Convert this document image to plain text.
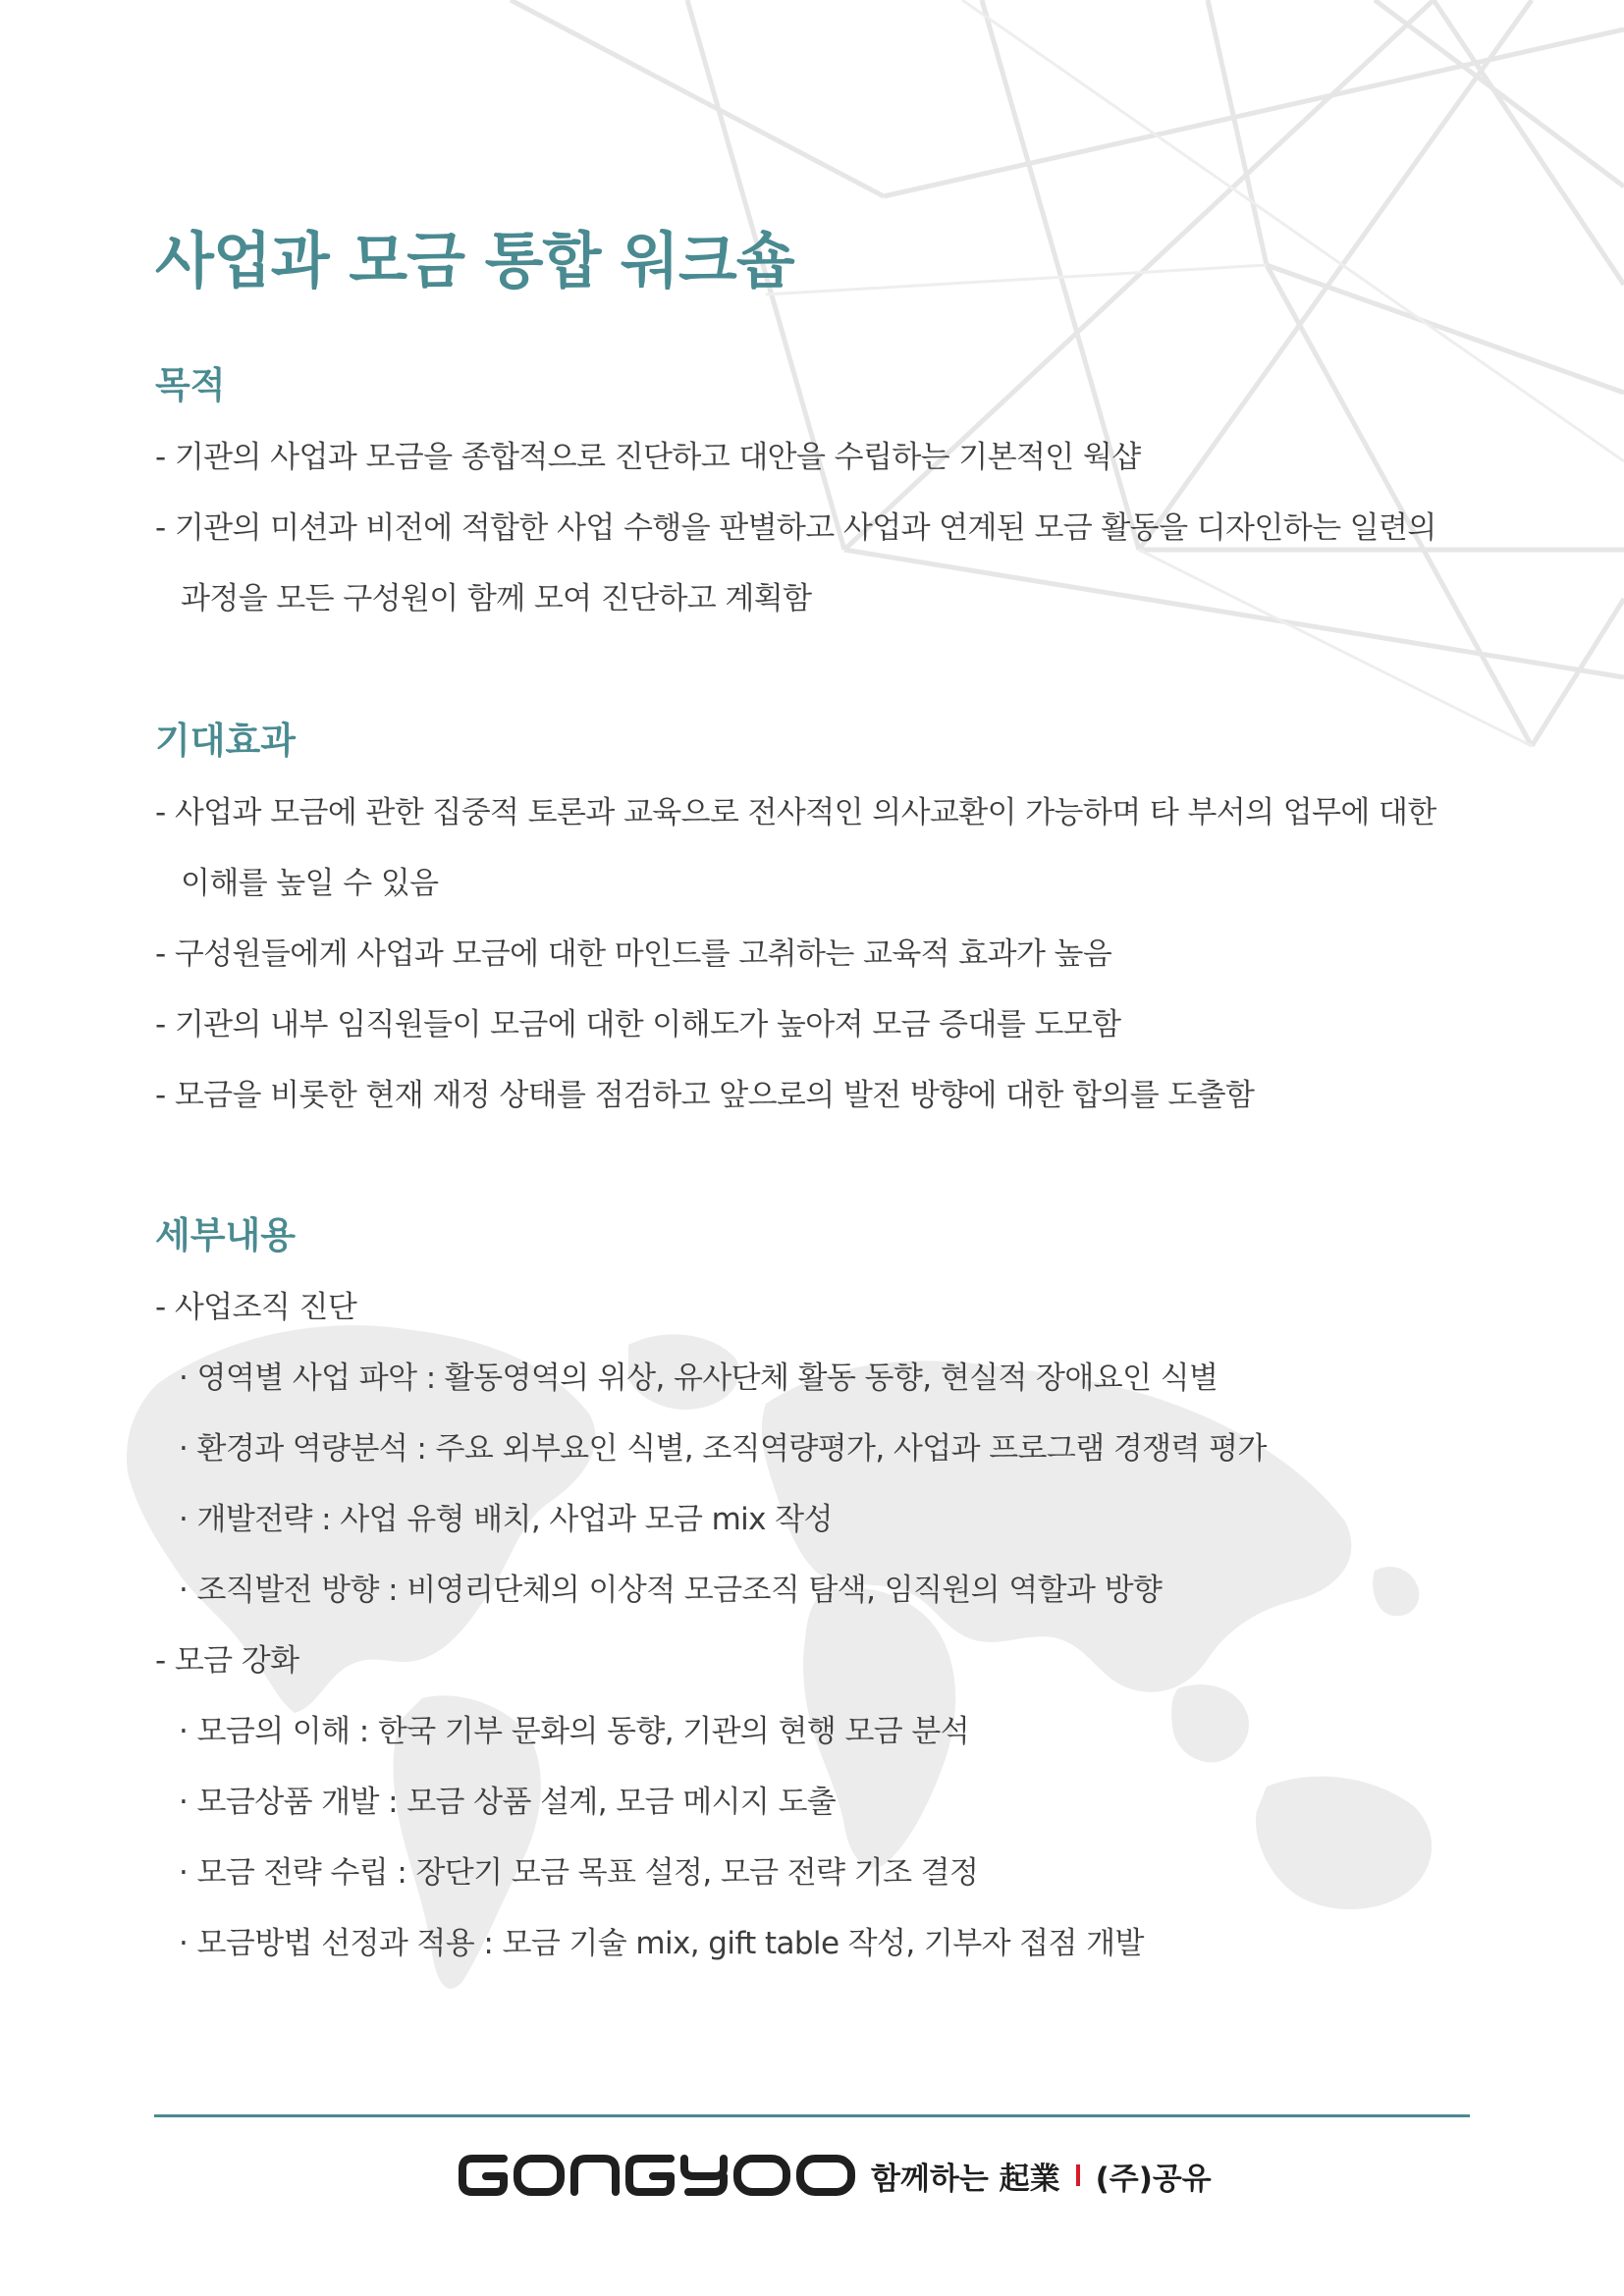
사업과 모금 통합 워크숍
목적
- 기관의 사업과 모금을 종합적으로 진단하고 대안을 수립하는 기본적인 웍샵
- 기관의 미션과 비전에 적합한 사업 수행을 판별하고 사업과 연계된 모금 활동을 디자인하는 일련의
과정을 모든 구성원이 함께 모여 진단하고 계획함
기대효과
- 사업과 모금에 관한 집중적 토론과 교육으로 전사적인 의사교환이 가능하며 타 부서의 업무에 대한
이해를 높일 수 있음
- 구성원들에게 사업과 모금에 대한 마인드를 고취하는 교육적 효과가 높음
- 기관의 내부 임직원들이 모금에 대한 이해도가 높아져 모금 증대를 도모함
- 모금을 비롯한 현재 재정 상태를 점검하고 앞으로의 발전 방향에 대한 합의를 도출함
세부내용
- 사업조직 진단
· 영역별 사업 파악 : 활동영역의 위상, 유사단체 활동 동향, 현실적 장애요인 식별
· 환경과 역량분석 : 주요 외부요인 식별, 조직역량평가, 사업과 프로그램 경쟁력 평가
· 개발전략 : 사업 유형 배치, 사업과 모금 mix 작성
· 조직발전 방향 : 비영리단체의 이상적 모금조직 탐색, 임직원의 역할과 방향
- 모금 강화
· 모금의 이해 : 한국 기부 문화의 동향, 기관의 현행 모금 분석
· 모금상품 개발 : 모금 상품 설계, 모금 메시지 도출
· 모금 전략 수립 : 장단기 모금 목표 설정, 모금 전략 기조 결정
· 모금방법 선정과 적용 : 모금 기술 mix, gift table 작성, 기부자 접점 개발
함께하는 起業 (주)공유
